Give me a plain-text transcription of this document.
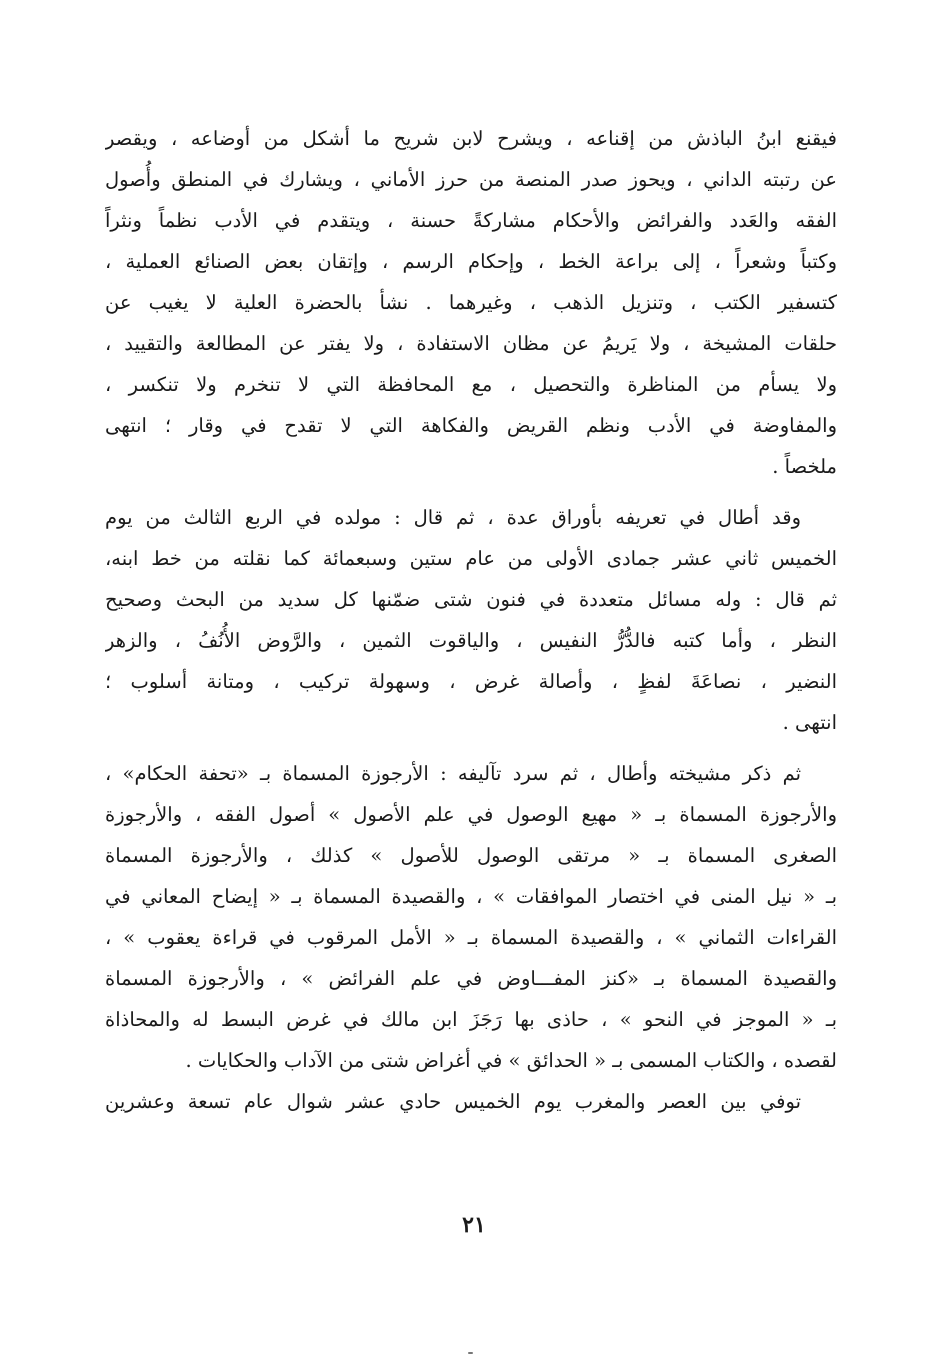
فيقنع ابنُ الباذش من إقناعه ، ويشرح لابن شريح ما أشكل من أوضاعه ، ويقصر
عن رتبته الداني ، ويحوز صدر المنصة من حرز الأماني ، ويشارك في المنطق وأُصول
الفقه والعَدد والفرائض والأحكام مشاركةً حسنة ، ويتقدم في الأدب نظماً ونثراً
وكتباً وشعراً ، إلى براعة الخط ، وإحكام الرسم ، وإتقان بعض الصنائع العملية ،
كتسفير الكتب ، وتنزيل الذهب ، وغيرهما . نشأ بالحضرة العلية لا يغيب عن
حلقات المشيخة ، ولا يَريمُ عن مظان الاستفادة ، ولا يفتر عن المطالعة والتقييد ،
ولا يسأم من المناظرة والتحصيل ، مع المحافظة التي لا تنخرم ولا تنكسر ،
والمفاوضة في الأدب ونظم القريض والفكاهة التي لا تقدح في وقار ؛ انتهى
ملخصاً .
وقد أطال في تعريفه بأوراق عدة ، ثم قال : مولده في الربع الثالث من يوم
الخميس ثاني عشر جمادى الأولى من عام ستين وسبعمائة كما نقلته من خط ابنه،
ثم قال : وله مسائل متعددة في فنون شتى ضمّنها كل سديد من البحث وصحيح
النظر ، وأما كتبه فالدُّرُّ النفيس ، والياقوت الثمين ، والرَّوض الأُنُفُ ، والزهر
النضير ، نصاعَةَ لفظٍ ، وأصالة غرض ، وسهولة تركيب ، ومتانة أسلوب ؛
انتهى .
ثم ذكر مشيخته وأطال ، ثم سرد تآليفه : الأرجوزة المسماة بـ «تحفة الحكام» ،
والأرجوزة المسماة بـ « مهيع الوصول في علم الأصول » أصول الفقه ، والأرجوزة
الصغرى المسماة بـ « مرتقى الوصول للأصول » كذلك ، والأرجوزة المسماة
بـ « نيل المنى في اختصار الموافقات » ، والقصيدة المسماة بـ « إيضاح المعاني في
القراءات الثماني » ، والقصيدة المسماة بـ « الأمل المرقوب في قراءة يعقوب » ،
والقصيدة المسماة بـ «كنز المفـــاوض في علم الفرائض » ، والأرجوزة المسماة
بـ « الموجز في النحو » ، حاذى بها رَجَزَ ابن مالك في غرض البسط له والمحاذاة
لقصده ، والكتاب المسمى بـ « الحدائق » في أغراض شتى من الآداب والحكايات .
توفي بين العصر والمغرب يوم الخميس حادي عشر شوال عام تسعة وعشرين
٢١
